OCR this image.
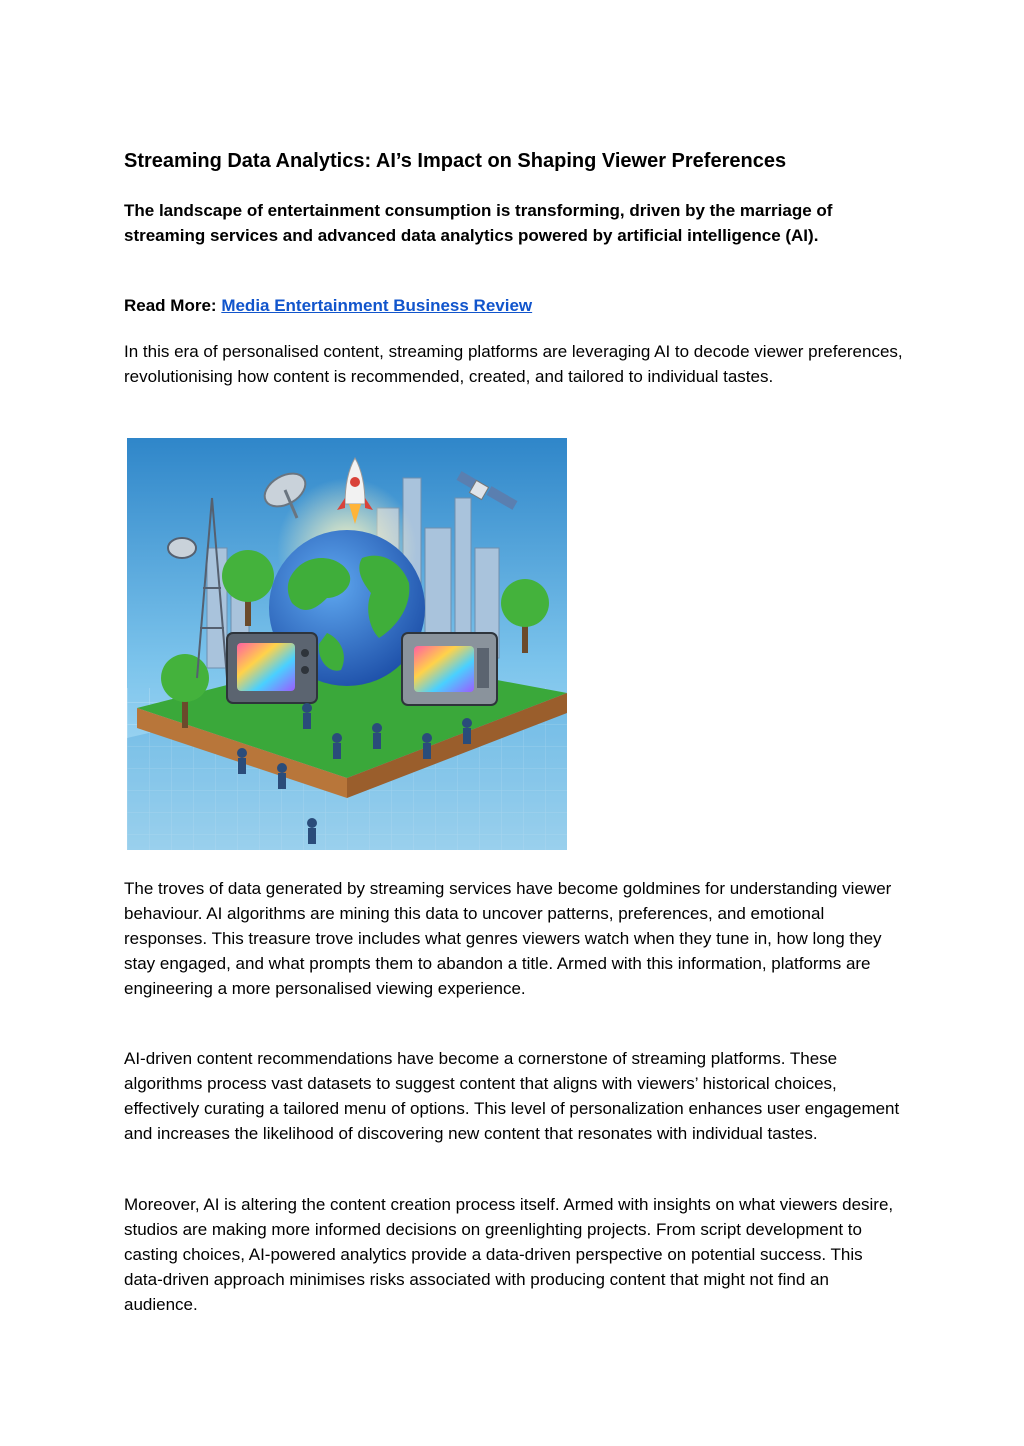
Streaming Data Analytics: AI’s Impact on Shaping Viewer Preferences

The landscape of entertainment consumption is transforming, driven by the marriage of streaming services and advanced data analytics powered by artificial intelligence (AI).

Read More: Media Entertainment Business Review

In this era of personalised content, streaming platforms are leveraging AI to decode viewer preferences, revolutionising how content is recommended, created, and tailored to individual tastes.

The troves of data generated by streaming services have become goldmines for understanding viewer behaviour. AI algorithms are mining this data to uncover patterns, preferences, and emotional responses. This treasure trove includes what genres viewers watch when they tune in, how long they stay engaged, and what prompts them to abandon a title. Armed with this information, platforms are engineering a more personalised viewing experience.

AI-driven content recommendations have become a cornerstone of streaming platforms. These algorithms process vast datasets to suggest content that aligns with viewers’ historical choices, effectively curating a tailored menu of options. This level of personalization enhances user engagement and increases the likelihood of discovering new content that resonates with individual tastes.

Moreover, AI is altering the content creation process itself. Armed with insights on what viewers desire, studios are making more informed decisions on greenlighting projects. From script development to casting choices, AI-powered analytics provide a data-driven perspective on potential success. This data-driven approach minimises risks associated with producing content that might not find an audience.
